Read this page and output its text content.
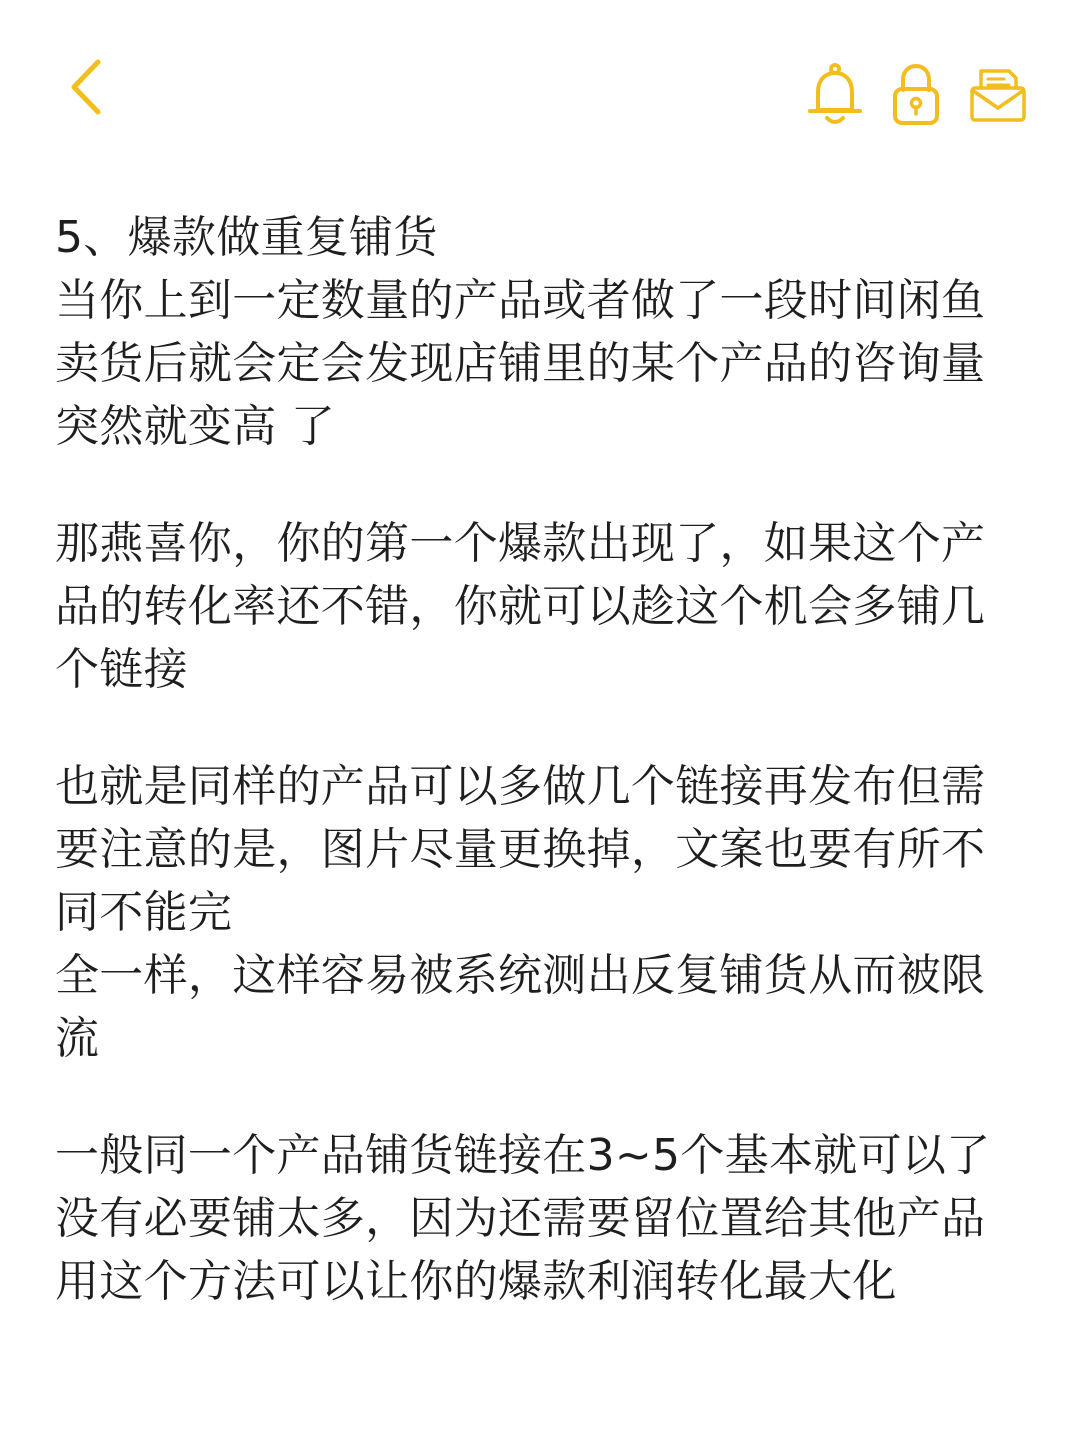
5、爆款做重复铺货
当你上到一定数量的产品或者做了一段时间闲鱼
卖货后就会定会发现店铺里的某个产品的咨询量
突然就变高 了
那燕喜你，你的第一个爆款出现了，如果这个产
品的转化率还不错，你就可以趁这个机会多铺几
个链接
也就是同样的产品可以多做几个链接再发布但需
要注意的是，图片尽量更换掉，文案也要有所不
同不能完
全一样，这样容易被系统测出反复铺货从而被限
流
一般同一个产品铺货链接在3~5个基本就可以了
没有必要铺太多，因为还需要留位置给其他产品
用这个方法可以让你的爆款利润转化最大化
